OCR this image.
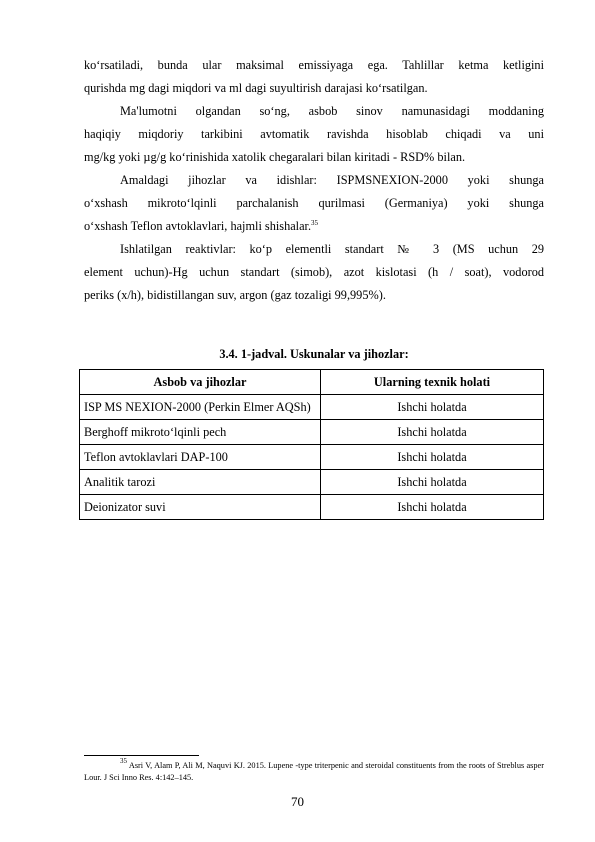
ko‘rsatiladi, bunda ular maksimal emissiyaga ega. Tahlillar ketma ketligini
qurishda mg dagi miqdori va ml dagi suyultirish darajasi ko‘rsatilgan.
Ma'lumotni olgandan so‘ng, asbob sinov namunasidagi moddaning
haqiqiy miqdoriy tarkibini avtomatik ravishda hisoblab chiqadi va uni
mg/kg yoki µg/g ko‘rinishida xatolik chegaralari bilan kiritadi - RSD% bilan.
Amaldagi jihozlar va idishlar: ISPMSNEXION-2000 yoki shunga
o‘xshash mikroto‘lqinli parchalanish qurilmasi (Germaniya) yoki shunga
o‘xshash Teflon avtoklavlari, hajmli shishalar.$^{35}$
Ishlatilgan reaktivlar: ko‘p elementli standart № 3 (MS uchun 29
element uchun)-Hg uchun standart (simob), azot kislotasi (h / soat), vodorod
periks (x/h), bidistillangan suv, argon (gaz tozaligi 99,995%).
3.4. 1-jadval. Uskunalar va jihozlar:
Asbob va jihozlar	Ularning texnik holati
ISP MS NEXION-2000 (Perkin Elmer AQSh)	Ishchi holatda
Berghoff mikroto‘lqinli pech	Ishchi holatda
Teflon avtoklavlari DAP-100	Ishchi holatda
Analitik tarozi	Ishchi holatda
Deionizator suvi	Ishchi holatda
$^{35}$ Asri V, Alam P, Ali M, Naquvi KJ. 2015. Lupene -type triterpenic and steroidal constituents from the roots of Streblus asper Lour. J Sci Inno Res. 4:142–145.
70
